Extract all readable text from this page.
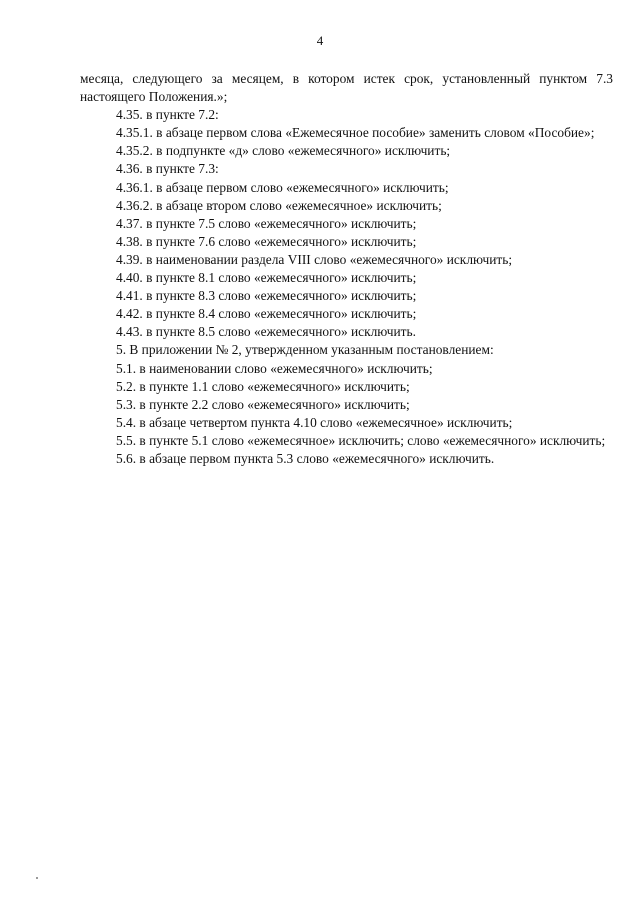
4

месяца, следующего за месяцем, в котором истек срок, установленный пунктом 7.3 настоящего Положения.»;

4.35. в пункте 7.2:

4.35.1. в абзаце первом слова «Ежемесячное пособие» заменить словом «Пособие»;

4.35.2. в подпункте «д» слово «ежемесячного» исключить;

4.36. в пункте 7.3:

4.36.1. в абзаце первом слово «ежемесячного» исключить;

4.36.2. в абзаце втором слово «ежемесячное» исключить;

4.37. в пункте 7.5 слово «ежемесячного» исключить;

4.38. в пункте 7.6 слово «ежемесячного» исключить;

4.39. в наименовании раздела VIII слово «ежемесячного» исключить;

4.40. в пункте 8.1 слово «ежемесячного» исключить;

4.41. в пункте 8.3 слово «ежемесячного» исключить;

4.42. в пункте 8.4 слово «ежемесячного» исключить;

4.43. в пункте 8.5 слово «ежемесячного» исключить.

5. В приложении № 2, утвержденном указанным постановлением:

5.1. в наименовании слово «ежемесячного» исключить;

5.2. в пункте 1.1 слово «ежемесячного» исключить;

5.3. в пункте 2.2 слово «ежемесячного» исключить;

5.4. в абзаце четвертом пункта 4.10 слово «ежемесячное» исключить;

5.5. в пункте 5.1 слово «ежемесячное» исключить; слово «ежемесячного» исключить;

5.6. в абзаце первом пункта 5.3 слово «ежемесячного» исключить.
